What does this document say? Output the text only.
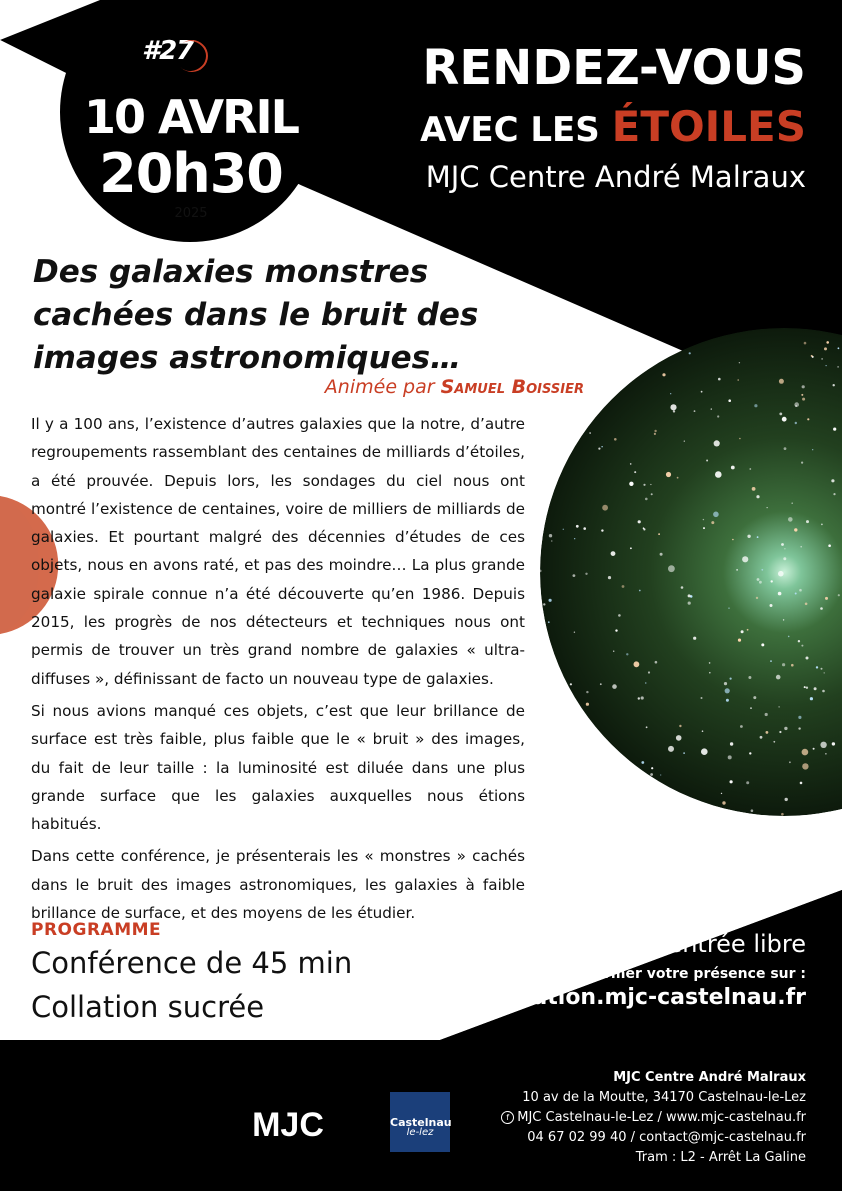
#27
10 AVRIL
20h30
2025
RENDEZ-VOUS
AVEC LES ÉTOILES
MJC Centre André Malraux
Des galaxies monstres cachées dans le bruit des images astronomiques…
Animée par Samuel Boissier

Il y a 100 ans, l’existence d’autres galaxies que la notre, d’autre regroupements rassemblant des centaines de milliards d’étoiles, a été prouvée. Depuis lors, les sondages du ciel nous ont montré l’existence de centaines, voire de milliers de milliards de galaxies. Et pourtant malgré des décennies d’études de ces objets, nous en avons raté, et pas des moindre… La plus grande galaxie spirale connue n’a été découverte qu’en 1986. Depuis 2015, les progrès de nos détecteurs et techniques nous ont permis de trouver un très grand nombre de galaxies « ultra-diffuses », définissant de facto un nouveau type de galaxies.

Si nous avions manqué ces objets, c’est que leur brillance de surface est très faible, plus faible que le « bruit » des images, du fait de leur taille : la luminosité est diluée dans une plus grande surface que les galaxies auxquelles nous étions habitués.

Dans cette conférence, je présenterais les « monstres » cachés dans le bruit des images astronomiques, les galaxies à faible brillance de surface, et des moyens de les étudier.

PROGRAMME
Conférence de 45 min
Collation sucrée
En entrée libre
Merci de confirmer votre présence sur :
reservation.mjc-castelnau.fr
MJC
CASTELNAU-LE-LEZ
MAISON DES JEUNES ET DE LA CULTURE
Castelnau
le-lez
MJC Centre André Malraux
10 av de la Moutte, 34170 Castelnau-le-Lez
f MJC Castelnau-le-Lez / www.mjc-castelnau.fr
04 67 02 99 40 / contact@mjc-castelnau.fr
Tram : L2 - Arrêt La Galine
